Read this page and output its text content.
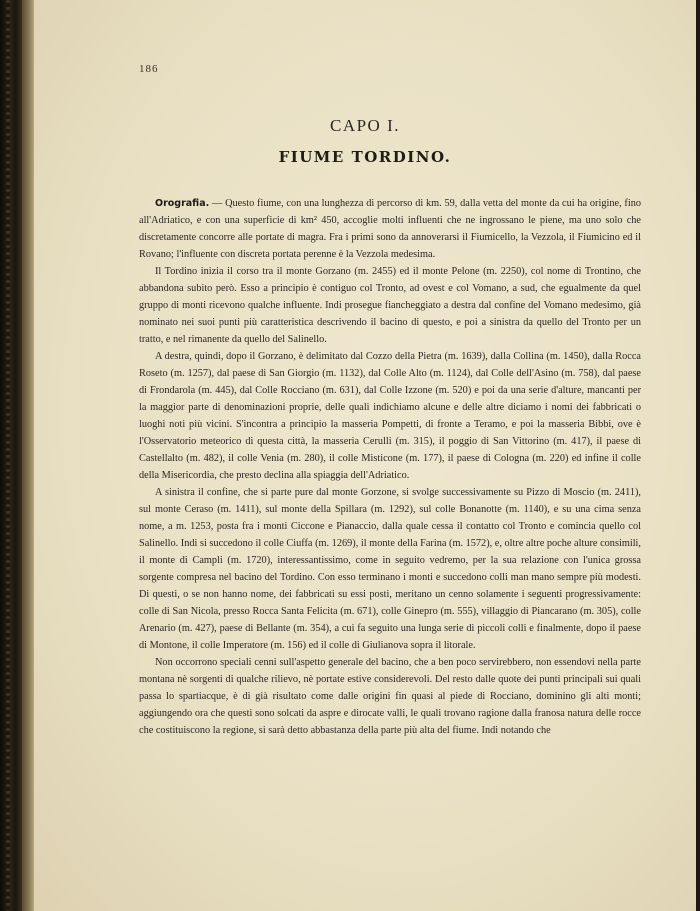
186
CAPO I.
FIUME TORDINO.

Orografia. — Questo fiume, con una lunghezza di percorso di km. 59, dalla vetta del monte da cui ha origine, fino all'Adriatico, e con una superficie di km² 450, accoglie molti influenti che ne ingrossano le piene, ma uno solo che discretamente concorre alle portate di magra. Fra i primi sono da annoverarsi il Fiumicello, la Vezzola, il Fiumicino ed il Rovano; l'influente con discreta portata perenne è la Vezzola medesima.

Il Tordino inizia il corso tra il monte Gorzano (m. 2455) ed il monte Pelone (m. 2250), col nome di Trontino, che abbandona subito però. Esso a principio è contiguo col Tronto, ad ovest e col Vomano, a sud, che egualmente da quel gruppo di monti ricevono qualche influente. Indi prosegue fiancheggiato a destra dal confine del Vomano medesimo, già nominato nei suoi punti più caratteristica descrivendo il bacino di questo, e poi a sinistra da quello del Tronto per un tratto, e nel rimanente da quello del Salinello.

A destra, quindi, dopo il Gorzano, è delimitato dal Cozzo della Pietra (m. 1639), dalla Collina (m. 1450), dalla Rocca Roseto (m. 1257), dal paese di San Giorgio (m. 1132), dal Colle Alto (m. 1124), dal Colle dell'Asino (m. 758), dal paese di Frondarola (m. 445), dal Colle Rocciano (m. 631), dal Colle Izzone (m. 520) e poi da una serie d'alture, mancanti per la maggior parte di denominazioni proprie, delle quali indichiamo alcune e delle altre diciamo i nomi dei fabbricati o luoghi noti più vicini. S'incontra a principio la masseria Pompetti, di fronte a Teramo, e poi la masseria Bibbi, ove è l'Osservatorio meteorico di questa città, la masseria Cerulli (m. 315), il poggio di San Vittorino (m. 417), il paese di Castellalto (m. 482), il colle Venia (m. 280), il colle Misticone (m. 177), il paese di Cologna (m. 220) ed infine il colle della Misericordia, che presto declina alla spiaggia dell'Adriatico.

A sinistra il confine, che si parte pure dal monte Gorzone, si svolge successivamente su Pizzo di Moscio (m. 2411), sul monte Ceraso (m. 1411), sul monte della Spillara (m. 1292), sul colle Bonanotte (m. 1140), e su una cima senza nome, a m. 1253, posta fra i monti Ciccone e Pianaccio, dalla quale cessa il contatto col Tronto e comincia quello col Salinello. Indi si succedono il colle Ciuffa (m. 1269), il monte della Farina (m. 1572), e, oltre altre poche alture consimili, il monte di Campli (m. 1720), interessantissimo, come in seguito vedremo, per la sua relazione con l'unica grossa sorgente compresa nel bacino del Tordino. Con esso terminano i monti e succedono colli man mano sempre più modesti. Di questi, o se non hanno nome, dei fabbricati su essi posti, meritano un cenno solamente i seguenti progressivamente: colle di San Nicola, presso Rocca Santa Felicita (m. 671), colle Ginepro (m. 555), villaggio di Piancarano (m. 305), colle Arenario (m. 427), paese di Bellante (m. 354), a cui fa seguito una lunga serie di piccoli colli e finalmente, dopo il paese di Montone, il colle Imperatore (m. 156) ed il colle di Giulianova sopra il litorale.

Non occorrono speciali cenni sull'aspetto generale del bacino, che a ben poco servirebbero, non essendovi nella parte montana nè sorgenti di qualche rilievo, nè portate estive considerevoli. Del resto dalle quote dei punti principali sui quali passa lo spartiacque, è di già risultato come dalle origini fin quasi al piede di Rocciano, dominino gli alti monti; aggiungendo ora che questi sono solcati da aspre e dirocate valli, le quali trovano ragione dalla franosa natura delle rocce che costituiscono la regione, si sarà detto abbastanza della parte più alta del fiume. Indi notando che
